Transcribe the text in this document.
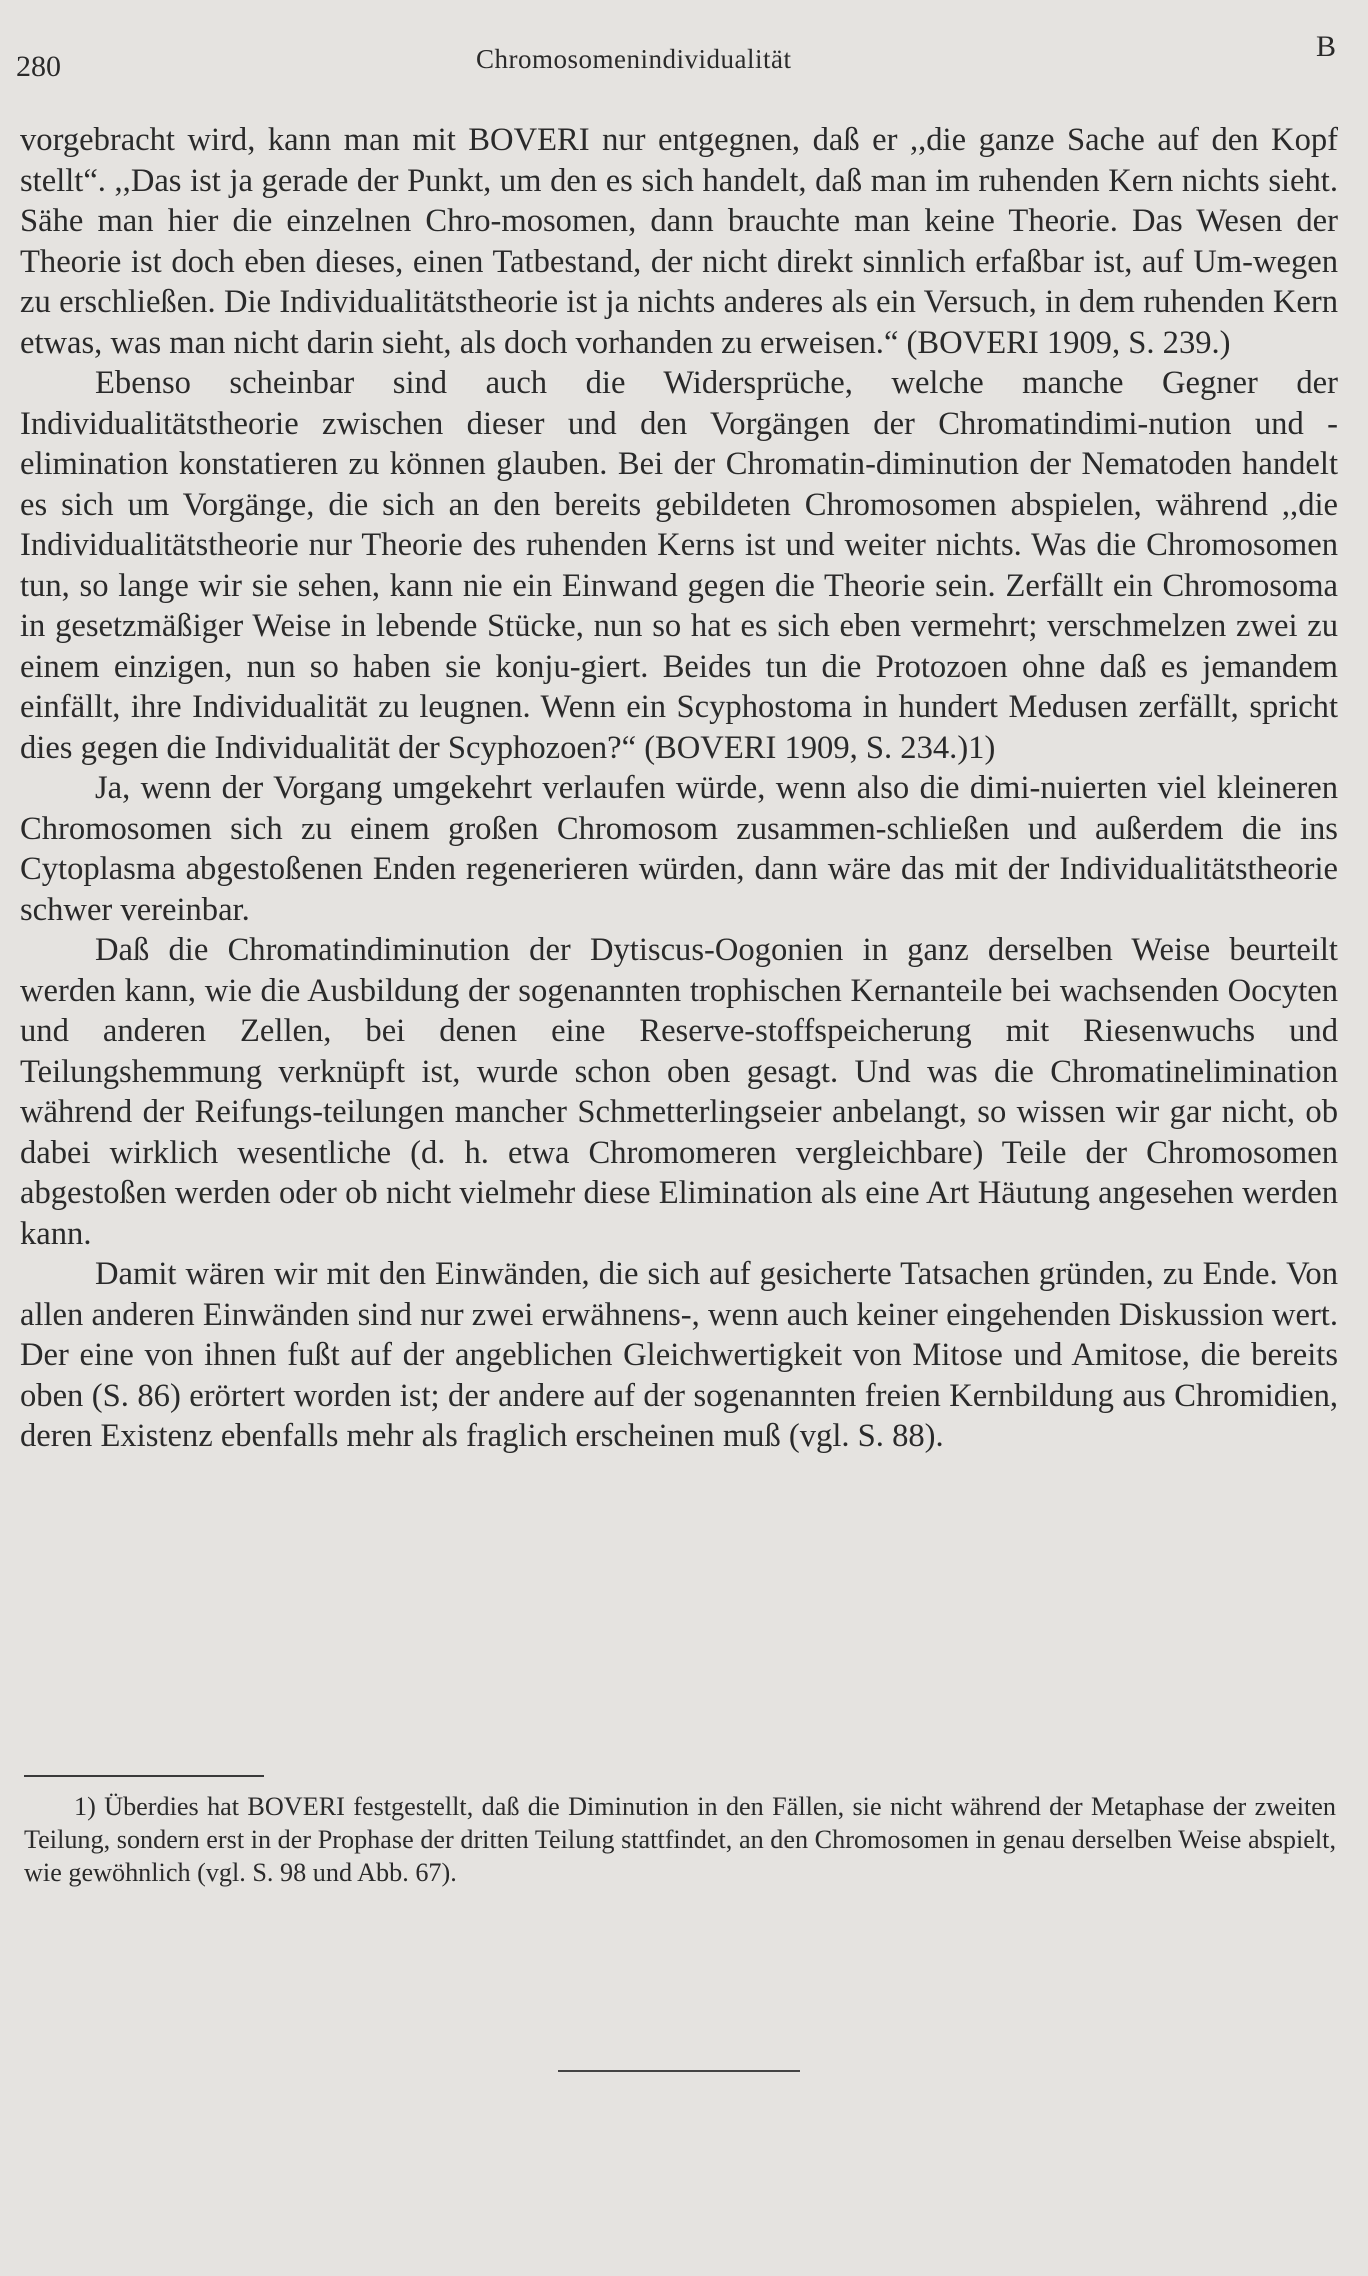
280	Chromosomenindividualität	B

vorgebracht wird, kann man mit BOVERI nur entgegnen, daß er ,,die ganze Sache auf den Kopf stellt“. ,,Das ist ja gerade der Punkt, um den es sich handelt, daß man im ruhenden Kern nichts sieht. Sähe man hier die einzelnen Chro-mosomen, dann brauchte man keine Theorie. Das Wesen der Theorie ist doch eben dieses, einen Tatbestand, der nicht direkt sinnlich erfaßbar ist, auf Um-wegen zu erschließen. Die Individualitätstheorie ist ja nichts anderes als ein Versuch, in dem ruhenden Kern etwas, was man nicht darin sieht, als doch vorhanden zu erweisen.“ (BOVERI 1909, S. 239.)

Ebenso scheinbar sind auch die Widersprüche, welche manche Gegner der Individualitätstheorie zwischen dieser und den Vorgängen der Chromatindimi-nution und -elimination konstatieren zu können glauben. Bei der Chromatin-diminution der Nematoden handelt es sich um Vorgänge, die sich an den bereits gebildeten Chromosomen abspielen, während ,,die Individualitätstheorie nur Theorie des ruhenden Kerns ist und weiter nichts. Was die Chromosomen tun, so lange wir sie sehen, kann nie ein Einwand gegen die Theorie sein. Zerfällt ein Chromosoma in gesetzmäßiger Weise in lebende Stücke, nun so hat es sich eben vermehrt; verschmelzen zwei zu einem einzigen, nun so haben sie konju-giert. Beides tun die Protozoen ohne daß es jemandem einfällt, ihre Individualität zu leugnen. Wenn ein Scyphostoma in hundert Medusen zerfällt, spricht dies gegen die Individualität der Scyphozoen?“ (BOVERI 1909, S. 234.)1)

Ja, wenn der Vorgang umgekehrt verlaufen würde, wenn also die dimi-nuierten viel kleineren Chromosomen sich zu einem großen Chromosom zusammen-schließen und außerdem die ins Cytoplasma abgestoßenen Enden regenerieren würden, dann wäre das mit der Individualitätstheorie schwer vereinbar.

Daß die Chromatindiminution der Dytiscus-Oogonien in ganz derselben Weise beurteilt werden kann, wie die Ausbildung der sogenannten trophischen Kernanteile bei wachsenden Oocyten und anderen Zellen, bei denen eine Reserve-stoffspeicherung mit Riesenwuchs und Teilungshemmung verknüpft ist, wurde schon oben gesagt. Und was die Chromatinelimination während der Reifungs-teilungen mancher Schmetterlingseier anbelangt, so wissen wir gar nicht, ob dabei wirklich wesentliche (d. h. etwa Chromomeren vergleichbare) Teile der Chromosomen abgestoßen werden oder ob nicht vielmehr diese Elimination als eine Art Häutung angesehen werden kann.

Damit wären wir mit den Einwänden, die sich auf gesicherte Tatsachen gründen, zu Ende. Von allen anderen Einwänden sind nur zwei erwähnens-, wenn auch keiner eingehenden Diskussion wert. Der eine von ihnen fußt auf der angeblichen Gleichwertigkeit von Mitose und Amitose, die bereits oben (S. 86) erörtert worden ist; der andere auf der sogenannten freien Kernbildung aus Chromidien, deren Existenz ebenfalls mehr als fraglich erscheinen muß (vgl. S. 88).

1) Überdies hat BOVERI festgestellt, daß die Diminution in den Fällen, sie nicht während der Metaphase der zweiten Teilung, sondern erst in der Prophase der dritten Teilung stattfindet, an den Chromosomen in genau derselben Weise abspielt, wie gewöhnlich (vgl. S. 98 und Abb. 67).
